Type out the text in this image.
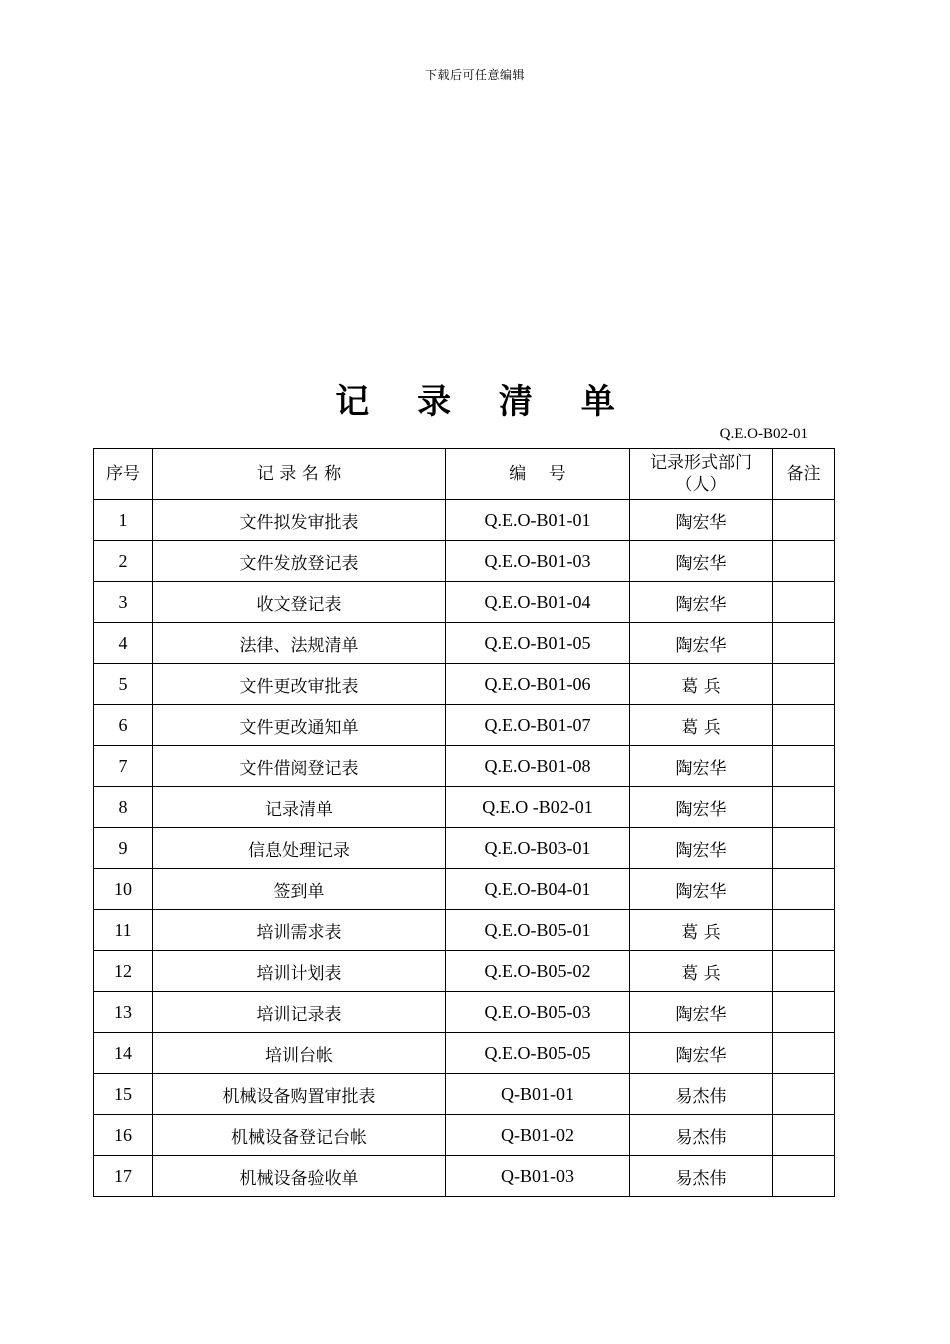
下载后可任意编辑
记 录 清 单
Q.E.O-B02-01
序号	记 录 名 称	编　 号	记录形式部门（人）	备注
1	文件拟发审批表	Q.E.O-B01-01	陶宏华	
2	文件发放登记表	Q.E.O-B01-03	陶宏华	
3	收文登记表	Q.E.O-B01-04	陶宏华	
4	法律、法规清单	Q.E.O-B01-05	陶宏华	
5	文件更改审批表	Q.E.O-B01-06	葛 兵	
6	文件更改通知单	Q.E.O-B01-07	葛 兵	
7	文件借阅登记表	Q.E.O-B01-08	陶宏华	
8	记录清单	Q.E.O -B02-01	陶宏华	
9	信息处理记录	Q.E.O-B03-01	陶宏华	
10	签到单	Q.E.O-B04-01	陶宏华	
11	培训需求表	Q.E.O-B05-01	葛 兵	
12	培训计划表	Q.E.O-B05-02	葛 兵	
13	培训记录表	Q.E.O-B05-03	陶宏华	
14	培训台帐	Q.E.O-B05-05	陶宏华	
15	机械设备购置审批表	Q-B01-01	易杰伟	
16	机械设备登记台帐	Q-B01-02	易杰伟	
17	机械设备验收单	Q-B01-03	易杰伟	
